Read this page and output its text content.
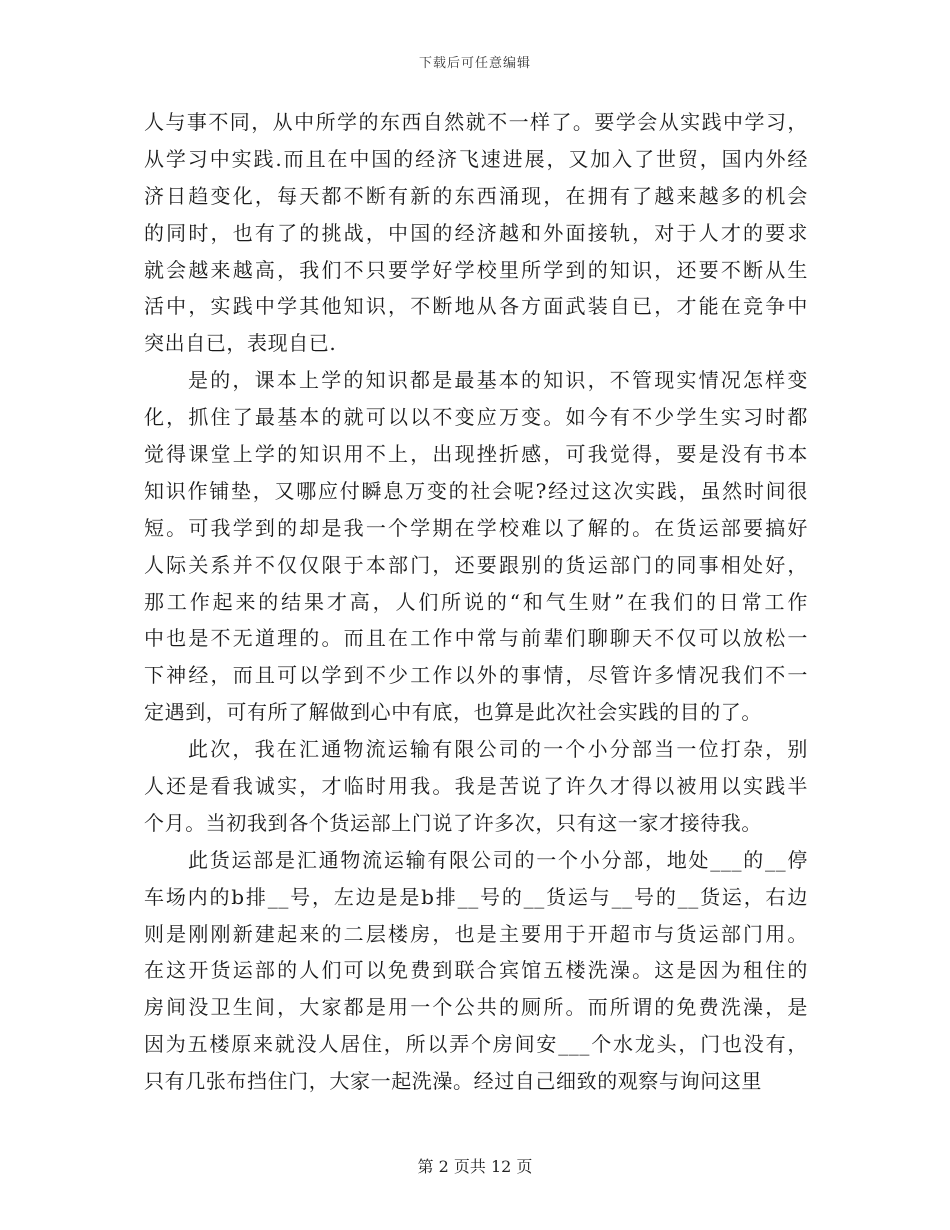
下载后可任意编辑
人与事不同，从中所学的东西自然就不一样了。要学会从实践中学习，
从学习中实践.而且在中国的经济飞速进展，又加入了世贸，国内外经
济日趋变化，每天都不断有新的东西涌现，在拥有了越来越多的机会
的同时，也有了的挑战，中国的经济越和外面接轨，对于人才的要求
就会越来越高，我们不只要学好学校里所学到的知识，还要不断从生
活中，实践中学其他知识，不断地从各方面武装自已，才能在竞争中
突出自已，表现自已.
是的，课本上学的知识都是最基本的知识，不管现实情况怎样变
化，抓住了最基本的就可以以不变应万变。如今有不少学生实习时都
觉得课堂上学的知识用不上，出现挫折感，可我觉得，要是没有书本
知识作铺垫，又哪应付瞬息万变的社会呢?经过这次实践，虽然时间很
短。可我学到的却是我一个学期在学校难以了解的。在货运部要搞好
人际关系并不仅仅限于本部门，还要跟别的货运部门的同事相处好，
那工作起来的结果才高，人们所说的“和气生财”在我们的日常工作
中也是不无道理的。而且在工作中常与前辈们聊聊天不仅可以放松一
下神经，而且可以学到不少工作以外的事情，尽管许多情况我们不一
定遇到，可有所了解做到心中有底，也算是此次社会实践的目的了。
此次，我在汇通物流运输有限公司的一个小分部当一位打杂，别
人还是看我诚实，才临时用我。我是苦说了许久才得以被用以实践半
个月。当初我到各个货运部上门说了许多次，只有这一家才接待我。
此货运部是汇通物流运输有限公司的一个小分部，地处___的__停
车场内的b排__号，左边是是b排__号的__货运与__号的__货运，右边
则是刚刚新建起来的二层楼房，也是主要用于开超市与货运部门用。
在这开货运部的人们可以免费到联合宾馆五楼洗澡。这是因为租住的
房间没卫生间，大家都是用一个公共的厕所。而所谓的免费洗澡，是
因为五楼原来就没人居住，所以弄个房间安___个水龙头，门也没有，
只有几张布挡住门，大家一起洗澡。经过自己细致的观察与询问这里
第 2 页共 12 页
